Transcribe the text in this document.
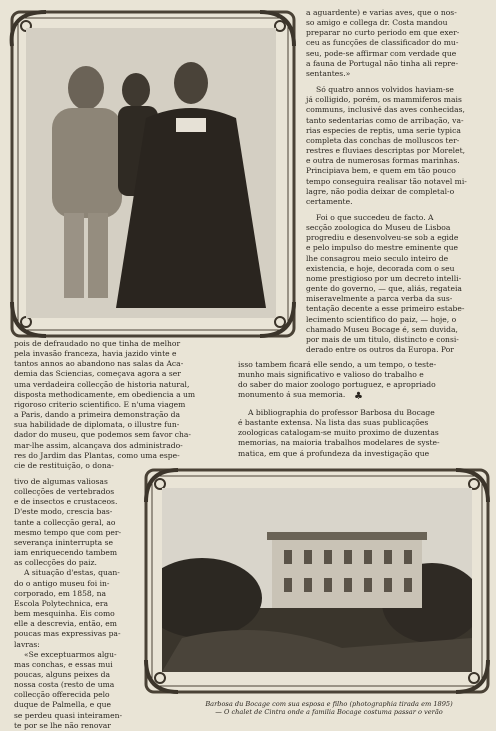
a aguardente) e varias aves, que o nos-

so amigo e collega dr. Costa mandou

preparar no curto periodo em que exer-

ceu as funcções de classificador do mu-

seu, pode-se affirmar com verdade que

a fauna de Portugal não tinha ali repre-

sentantes.»

Só quatro annos volvidos haviam-se

já colligido, porém, os mammiferos mais

communs, inclusivé das aves conhecidas,

tanto sedentarias como de arribação, va-

rias especies de reptis, uma serie typica

completa das conchas de molluscos ter-

restres e fluviaes descriptas por Morelet,

e outra de numerosas formas marinhas.

Principiava bem, e quem em tão pouco

tempo conseguira realisar tão notavel mi-

lagre, não podia deixar de completal-o

certamente.

Foi o que succedeu de facto. A

secção zoologica do Museu de Lisboa

progrediu e desenvolveu-se sob a egide

e pelo impulso do mestre eminente que

lhe consagrou meio seculo inteiro de

existencia, e hoje, decorada com o seu

nome prestigioso por um decreto intelli-

gente do governo, — que, aliás, regateia

miseravelmente a parca verba da sus-

tentação decente a esse primeiro estabe-

lecimento scientifico do paiz, — hoje, o

chamado Museu Bocage é, sem duvida,

por mais de um titulo, distincto e consi-

derado entre os outros da Europa. Por

isso tambem ficará elle sendo, a um tempo, o teste-

munho mais significativo e valioso do trabalho e

do saber do maior zoologo portuguez, e apropriado

monumento á sua memoria. ♣

A bibliographia do professor Barbosa du Bocage

é bastante extensa. Na lista das suas publicações

zoologicas catalogam-se muito proximo de duzentas

memorias, na maioria trabalhos modelares de syste-

matica, em que á profundeza da investigação que

pois de defraudado no que tinha de melhor

pela invasão franceza, havia jazido vinte e

tantos annos ao abandono nas salas da Aca-

demia das Sciencias, começava agora a ser

uma verdadeira collecção de historia natural,

disposta methodicamente, em obediencia a um

rigoroso criterio scientifico. E n'uma viagem

a Paris, dando a primeira demonstração da

sua habilidade de diplomata, o illustre fun-

dador do museu, que podemos sem favor cha-

mar-lhe assim, alcançava dos administrado-

res do Jardim das Plantas, como uma espe-

cie de restituição, o dona-

tivo de algumas valiosas

collecções de vertebrados

e de insectos e crustaceos.

D'este modo, crescia bas-

tante a collecção geral, ao

mesmo tempo que com per-

severança ininterrupta se

iam enriquecendo tambem

as collecções do paiz.

A situação d'estas, quan-

do o antigo museu foi in-

corporado, em 1858, na

Escola Polytechnica, era

bem mesquinha. Eis como

elle a descrevia, então, em

poucas mas expressivas pa-

lavras:

«Se exceptuarmos algu-

mas conchas, e essas mui

poucas, alguns peixes da

nossa costa (resto de uma

collecção offerecida pelo

duque de Palmella, e que

se perdeu quasi inteiramen-

te por se lhe não renovar

Barbosa du Bocage com sua esposa e filho (photographia tirada em 1895)
— O chalet de Cintra onde a familia Bocage costuma passar o verão
